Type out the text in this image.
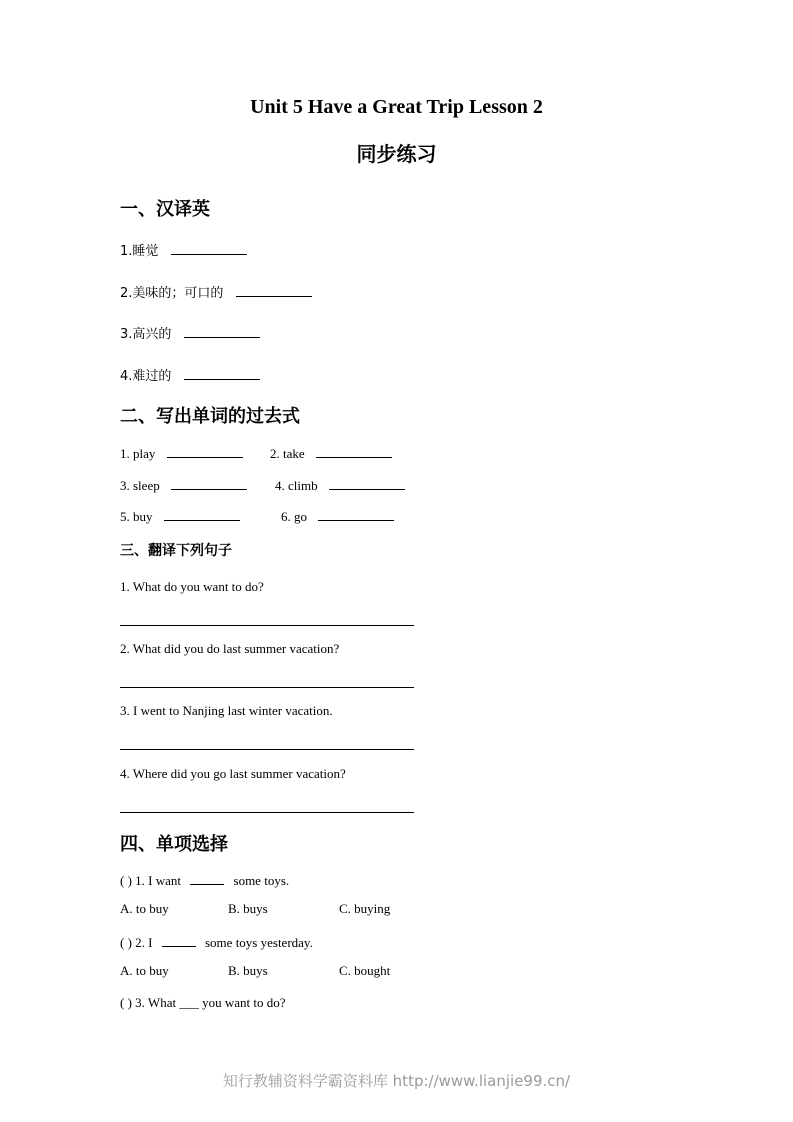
Unit 5 Have a Great Trip Lesson 2
同步练习
一、汉译英
1.睡觉
2.美味的；可口的
3.高兴的
4.难过的
二、写出单词的过去式
1. play	2. take
3. sleep	4. climb
5. buy	6. go
三、翻译下列句子
1. What do you want to do?
2. What did you do last summer vacation?
3. I went to Nanjing last winter vacation.
4. Where did you go last summer vacation?
四、单项选择
( ) 1. I want	some toys.
A. to buy	B. buys	C. buying
( ) 2. I	some toys yesterday.
A. to buy	B. buys	C. bought
( ) 3. What ___ you want to do?
知行教辅资料学霸资料库 http://www.lianjie99.cn/
